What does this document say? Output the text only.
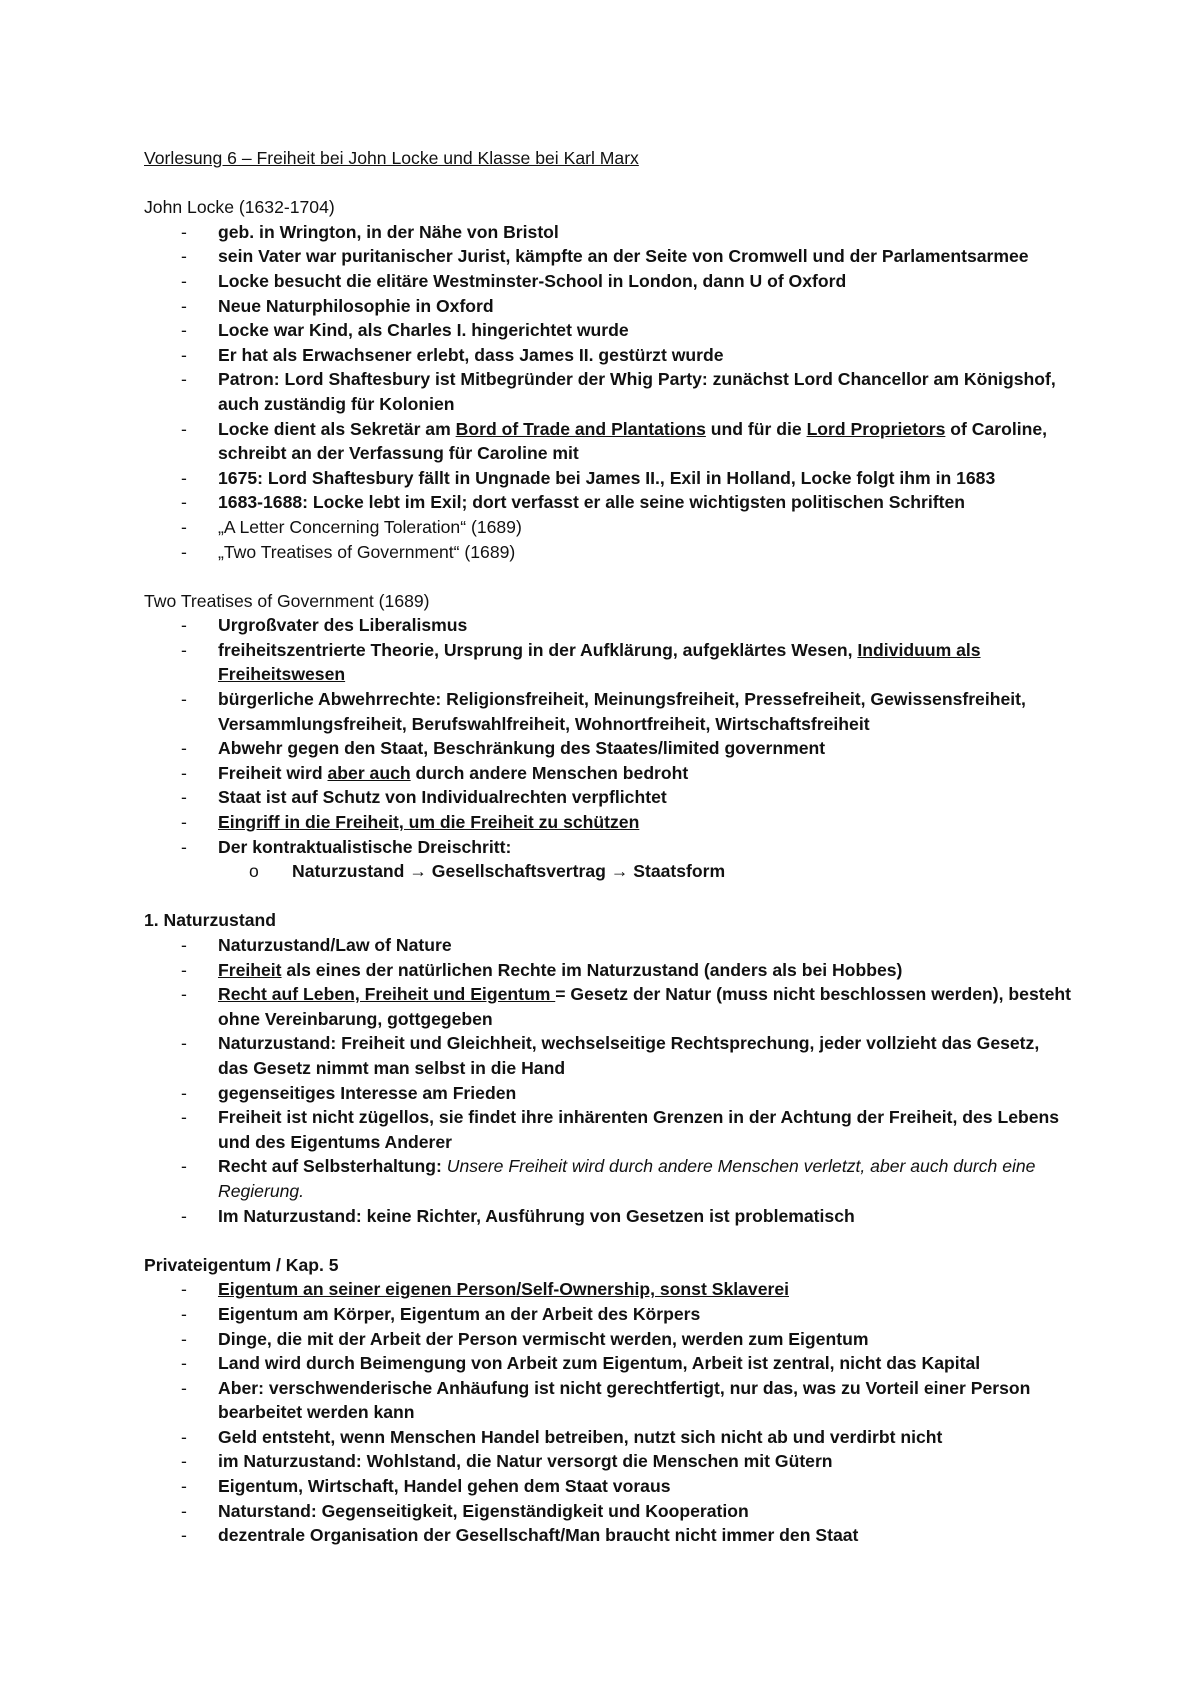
Vorlesung 6 – Freiheit bei John Locke und Klasse bei Karl Marx
John Locke (1632-1704)
- geb. in Wrington, in der Nähe von Bristol
- sein Vater war puritanischer Jurist, kämpfte an der Seite von Cromwell und der Parlamentsarmee
- Locke besucht die elitäre Westminster-School in London, dann U of Oxford
- Neue Naturphilosophie in Oxford
- Locke war Kind, als Charles I. hingerichtet wurde
- Er hat als Erwachsener erlebt, dass James II. gestürzt wurde
- Patron: Lord Shaftesbury ist Mitbegründer der Whig Party: zunächst Lord Chancellor am Königshof, auch zuständig für Kolonien
- Locke dient als Sekretär am Bord of Trade and Plantations und für die Lord Proprietors of Caroline, schreibt an der Verfassung für Caroline mit
- 1675: Lord Shaftesbury fällt in Ungnade bei James II., Exil in Holland, Locke folgt ihm in 1683
- 1683-1688: Locke lebt im Exil; dort verfasst er alle seine wichtigsten politischen Schriften
- „A Letter Concerning Toleration“ (1689)
- „Two Treatises of Government“ (1689)
Two Treatises of Government (1689)
- Urgroßvater des Liberalismus
- freiheitszentrierte Theorie, Ursprung in der Aufklärung, aufgeklärtes Wesen, Individuum als Freiheitswesen
- bürgerliche Abwehrrechte: Religionsfreiheit, Meinungsfreiheit, Pressefreiheit, Gewissensfreiheit, Versammlungsfreiheit, Berufswahlfreiheit, Wohnortfreiheit, Wirtschaftsfreiheit
- Abwehr gegen den Staat, Beschränkung des Staates/limited government
- Freiheit wird aber auch durch andere Menschen bedroht
- Staat ist auf Schutz von Individualrechten verpflichtet
- Eingriff in die Freiheit, um die Freiheit zu schützen
- Der kontraktualistische Dreischritt:
o Naturzustand → Gesellschaftsvertrag → Staatsform
1. Naturzustand
- Naturzustand/Law of Nature
- Freiheit als eines der natürlichen Rechte im Naturzustand (anders als bei Hobbes)
- Recht auf Leben, Freiheit und Eigentum = Gesetz der Natur (muss nicht beschlossen werden), besteht ohne Vereinbarung, gottgegeben
- Naturzustand: Freiheit und Gleichheit, wechselseitige Rechtsprechung, jeder vollzieht das Gesetz, das Gesetz nimmt man selbst in die Hand
- gegenseitiges Interesse am Frieden
- Freiheit ist nicht zügellos, sie findet ihre inhärenten Grenzen in der Achtung der Freiheit, des Lebens und des Eigentums Anderer
- Recht auf Selbsterhaltung: Unsere Freiheit wird durch andere Menschen verletzt, aber auch durch eine Regierung.
- Im Naturzustand: keine Richter, Ausführung von Gesetzen ist problematisch
Privateigentum / Kap. 5
- Eigentum an seiner eigenen Person/Self-Ownership, sonst Sklaverei
- Eigentum am Körper, Eigentum an der Arbeit des Körpers
- Dinge, die mit der Arbeit der Person vermischt werden, werden zum Eigentum
- Land wird durch Beimengung von Arbeit zum Eigentum, Arbeit ist zentral, nicht das Kapital
- Aber: verschwenderische Anhäufung ist nicht gerechtfertigt, nur das, was zu Vorteil einer Person bearbeitet werden kann
- Geld entsteht, wenn Menschen Handel betreiben, nutzt sich nicht ab und verdirbt nicht
- im Naturzustand: Wohlstand, die Natur versorgt die Menschen mit Gütern
- Eigentum, Wirtschaft, Handel gehen dem Staat voraus
- Naturstand: Gegenseitigkeit, Eigenständigkeit und Kooperation
- dezentrale Organisation der Gesellschaft/Man braucht nicht immer den Staat
